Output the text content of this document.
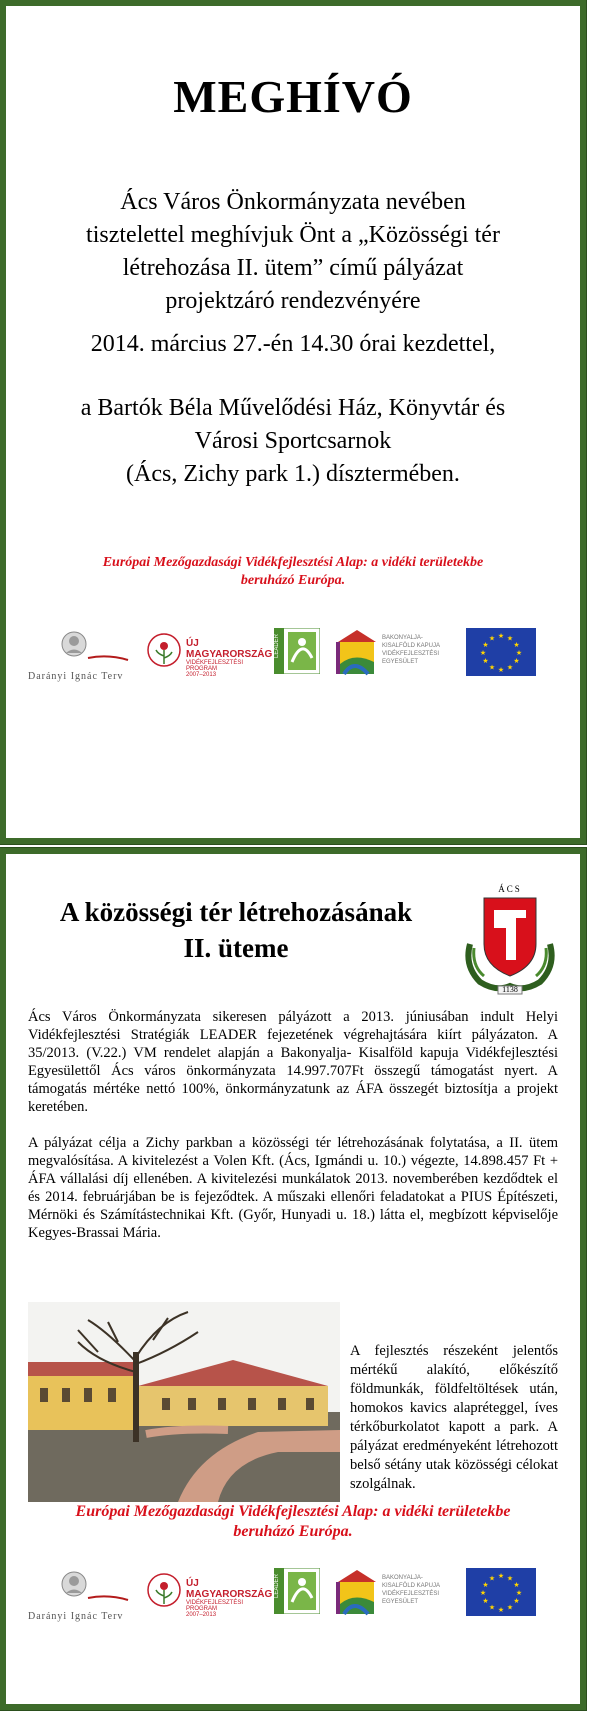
MEGHÍVÓ
Ács Város Önkormányzata nevében
tisztelettel meghívjuk Önt a „Közösségi tér
létrehozása II. ütem” című pályázat
projektzáró rendezvényére
2014. március 27.-én 14.30 órai kezdettel,
a Bartók Béla Művelődési Ház, Könyvtár és
Városi Sportcsarnok
(Ács, Zichy park 1.) dísztermében.
Európai Mezőgazdasági Vidékfejlesztési Alap: a vidéki területekbe
beruházó Európa.
Darányi Ignác Terv
ÚJ MAGYARORSZÁG
VIDÉKFEJLESZTÉSI PROGRAM
2007–2013
LEADER	BAKONYALJA- KISALFÖLD KAPUJA VIDÉKFEJLESZTÉSI EGYESÜLET
★ ★
★
★
★
★
★
★
★
★
★
★
A közösségi tér létrehozásának
II. üteme
ÁCS
1138
Ács Város Önkormányzata sikeresen pályázott a 2013. júniusában indult Helyi Vidékfejlesztési Stratégiák LEADER fejezetének végrehajtására kiírt pályázaton. A 35/2013. (V.22.) VM rendelet alapján a Bakonyalja- Kisalföld kapuja Vidékfejlesztési Egyesülettől Ács város önkormányzata 14.997.707Ft összegű támogatást nyert. A támogatás mértéke nettó 100%, önkormányzatunk az ÁFA összegét biztosítja a projekt keretében.
A pályázat célja a Zichy parkban a közösségi tér létrehozásának folytatása, a II. ütem megvalósítása. A kivitelezést a Volen Kft. (Ács, Igmándi u. 10.) végezte, 14.898.457 Ft + ÁFA vállalási díj ellenében. A kivitelezési munkálatok 2013. novemberében kezdődtek el és 2014. februárjában be is fejeződtek. A műszaki ellenőri feladatokat a PIUS Építészeti, Mérnöki és Számítástechnikai Kft. (Győr, Hunyadi u. 18.) látta el, megbízott képviselője Kegyes-Brassai Mária.
A fejlesztés részeként jelentős mértékű alakító, előkészítő földmunkák, földfeltöltések után, homokos kavics alapréteggel, íves térkőburkolatot kapott a park. A pályázat eredményeként létrehozott belső sétány utak közösségi célokat szolgálnak.
Európai Mezőgazdasági Vidékfejlesztési Alap: a vidéki területekbe
beruházó Európa.
Darányi Ignác Terv
ÚJ MAGYARORSZÁG
VIDÉKFEJLESZTÉSI PROGRAM
2007–2013
LEADER	BAKONYALJA- KISALFÖLD KAPUJA VIDÉKFEJLESZTÉSI EGYESÜLET
★ ★
★
★
★
★
★
★
★
★
★
★
